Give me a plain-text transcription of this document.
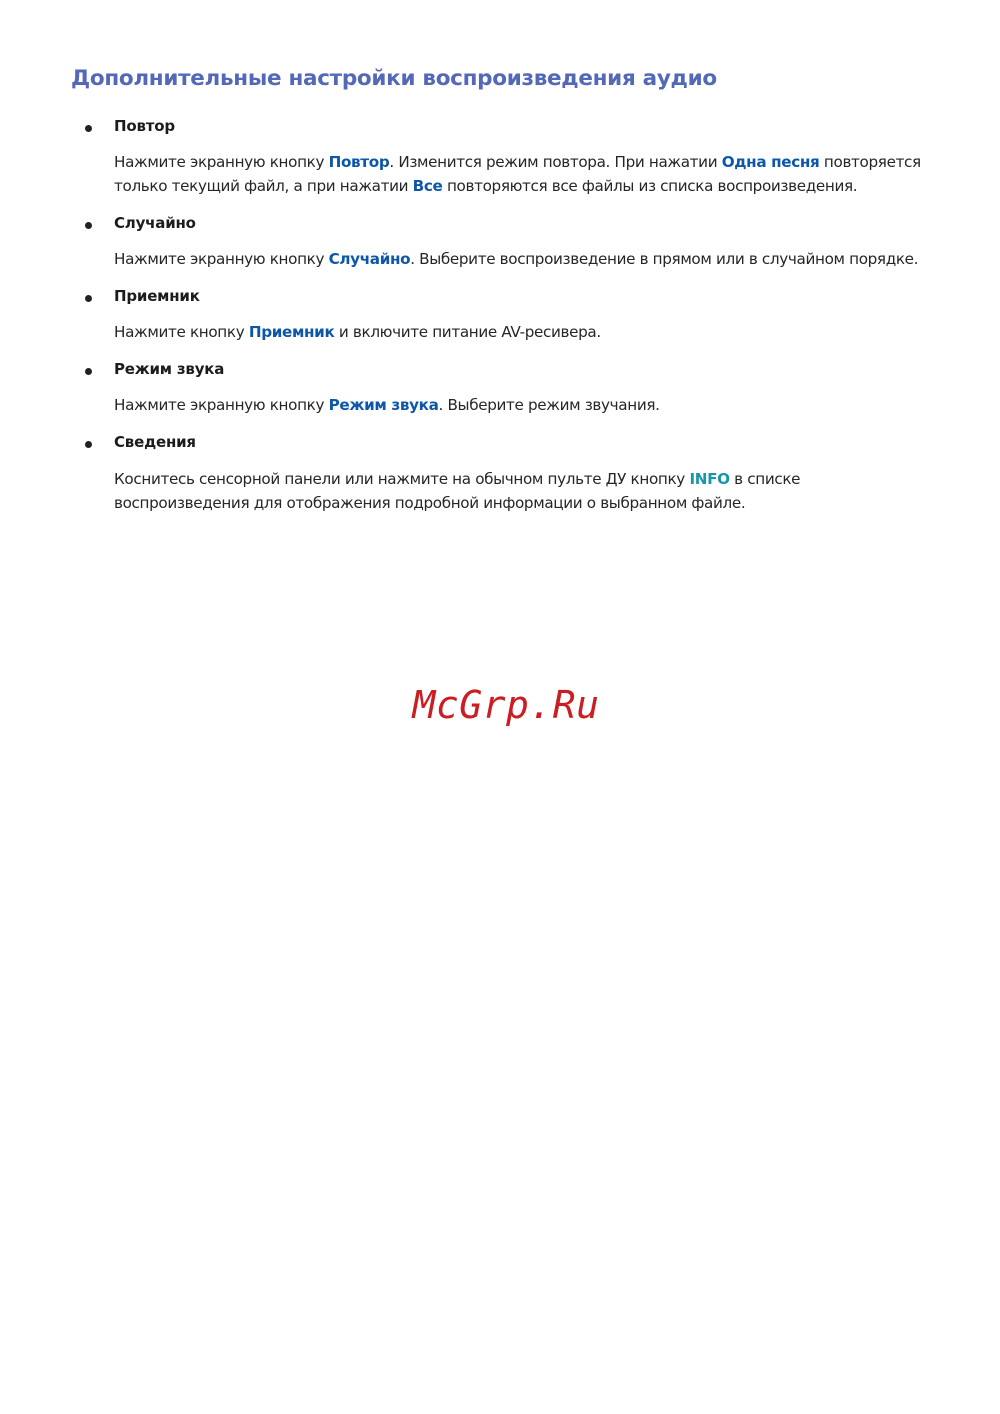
Дополнительные настройки воспроизведения аудио
Повтор
Нажмите экранную кнопку Повтор. Изменится режим повтора. При нажатии Одна песня повторяется
только текущий файл, а при нажатии Все повторяются все файлы из списка воспроизведения.
Случайно
Нажмите экранную кнопку Случайно. Выберите воспроизведение в прямом или в случайном порядке.
Приемник
Нажмите кнопку Приемник и включите питание AV-ресивера.
Режим звука
Нажмите экранную кнопку Режим звука. Выберите режим звучания.
Сведения
Коснитесь сенсорной панели или нажмите на обычном пульте ДУ кнопку INFO в списке
воспроизведения для отображения подробной информации о выбранном файле.
McGrp.Ru
